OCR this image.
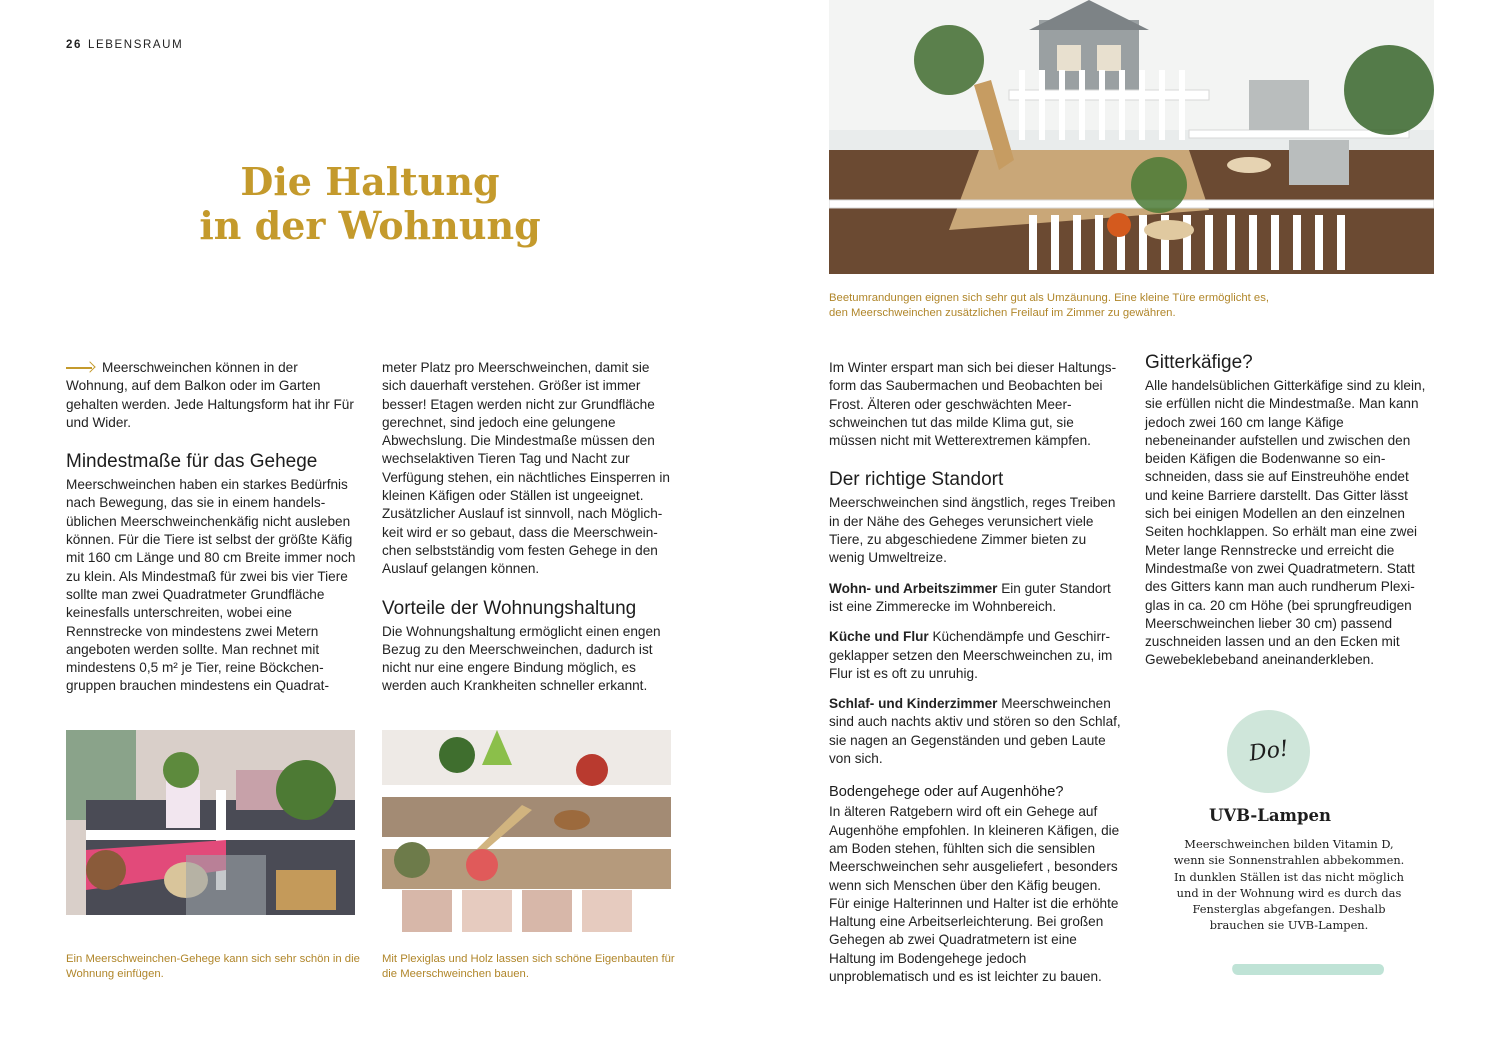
26 LEBENSRAUM
Die Haltung
in der Wohnung
Beetumrandungen eignen sich sehr gut als Umzäunung. Eine kleine Türe ermöglicht es, den Meerschweinchen zusätzlichen Freilauf im Zimmer zu gewähren.

Meerschweinchen können in der Wohnung, auf dem Balkon oder im Garten gehalten werden. Jede Haltungsform hat ihr Für und Wider.

Mindestmaße für das Gehege

Meerschweinchen haben ein starkes Bedürfnis nach Bewegung, das sie in einem handelsüblichen Meerschweinchenkäfig nicht ausleben können. Für die Tiere ist selbst der größte Käfig mit 160 cm Länge und 80 cm Breite immer noch zu klein. Als Mindestmaß für zwei bis vier Tiere sollte man zwei Quadratmeter Grundfläche keinesfalls unterschreiten, wobei eine Rennstrecke von mindestens zwei Metern angeboten werden sollte. Man rechnet mit mindestens 0,5 m² je Tier, reine Böckchengruppen brauchen mindestens ein Quadrat-

meter Platz pro Meerschweinchen, damit sie sich dauerhaft verstehen. Größer ist immer besser! Etagen werden nicht zur Grundfläche gerechnet, sind jedoch eine gelungene Abwechslung. Die Mindestmaße müssen den wechselaktiven Tieren Tag und Nacht zur Verfügung stehen, ein nächtliches Einsperren in kleinen Käfigen oder Ställen ist ungeeignet. Zusätzlicher Auslauf ist sinnvoll, nach Möglichkeit wird er so gebaut, dass die Meerschweinchen selbstständig vom festen Gehege in den Auslauf gelangen können.

Vorteile der Wohnungshaltung

Die Wohnungshaltung ermöglicht einen engen Bezug zu den Meerschweinchen, dadurch ist nicht nur eine engere Bindung möglich, es werden auch Krankheiten schneller erkannt.

Ein Meerschweinchen-Gehege kann sich sehr schön in die Wohnung einfügen.
Mit Plexiglas und Holz lassen sich schöne Eigenbauten für die Meerschweinchen bauen.

Im Winter erspart man sich bei dieser Haltungsform das Saubermachen und Beobachten bei Frost. Älteren oder geschwächten Meerschweinchen tut das milde Klima gut, sie müssen nicht mit Wetterextremen kämpfen.

Der richtige Standort

Meerschweinchen sind ängstlich, reges Treiben in der Nähe des Geheges verunsichert viele Tiere, zu abgeschiedene Zimmer bieten zu wenig Umweltreize.

Wohn- und Arbeitszimmer Ein guter Standort ist eine Zimmerecke im Wohnbereich.

Küche und Flur Küchendämpfe und Geschirrgeklapper setzen den Meerschweinchen zu, im Flur ist es oft zu unruhig.

Schlaf- und Kinderzimmer Meerschweinchen sind auch nachts aktiv und stören so den Schlaf, sie nagen an Gegenständen und geben Laute von sich.

Bodengehege oder auf Augenhöhe?

In älteren Ratgebern wird oft ein Gehege auf Augenhöhe empfohlen. In kleineren Käfigen, die am Boden stehen, fühlten sich die sensiblen Meerschweinchen sehr ausgeliefert , besonders wenn sich Menschen über den Käfig beugen. Für einige Halterinnen und Halter ist die erhöhte Haltung eine Arbeitserleichterung. Bei großen Gehegen ab zwei Quadratmetern ist eine Haltung im Bodengehege jedoch unproblematisch und es ist leichter zu bauen.

Gitterkäfige?

Alle handelsüblichen Gitterkäfige sind zu klein, sie erfüllen nicht die Mindestmaße. Man kann jedoch zwei 160 cm lange Käfige nebeneinander aufstellen und zwischen den beiden Käfigen die Bodenwanne so einschneiden, dass sie auf Einstreuhöhe endet und keine Barriere darstellt. Das Gitter lässt sich bei einigen Modellen an den einzelnen Seiten hochklappen. So erhält man eine zwei Meter lange Rennstrecke und erreicht die Mindestmaße von zwei Quadratmetern. Statt des Gitters kann man auch rundherum Plexiglas in ca. 20 cm Höhe (bei sprungfreudigen Meerschweinchen lieber 30 cm) passend zuschneiden lassen und an den Ecken mit Gewebeklebeband aneinanderkleben.

Do!
UVB-Lampen
Meerschweinchen bilden Vitamin D, wenn sie Sonnenstrahlen abbekommen. In dunklen Ställen ist das nicht möglich und in der Wohnung wird es durch das Fensterglas abgefangen. Deshalb brauchen sie UVB-Lampen.
